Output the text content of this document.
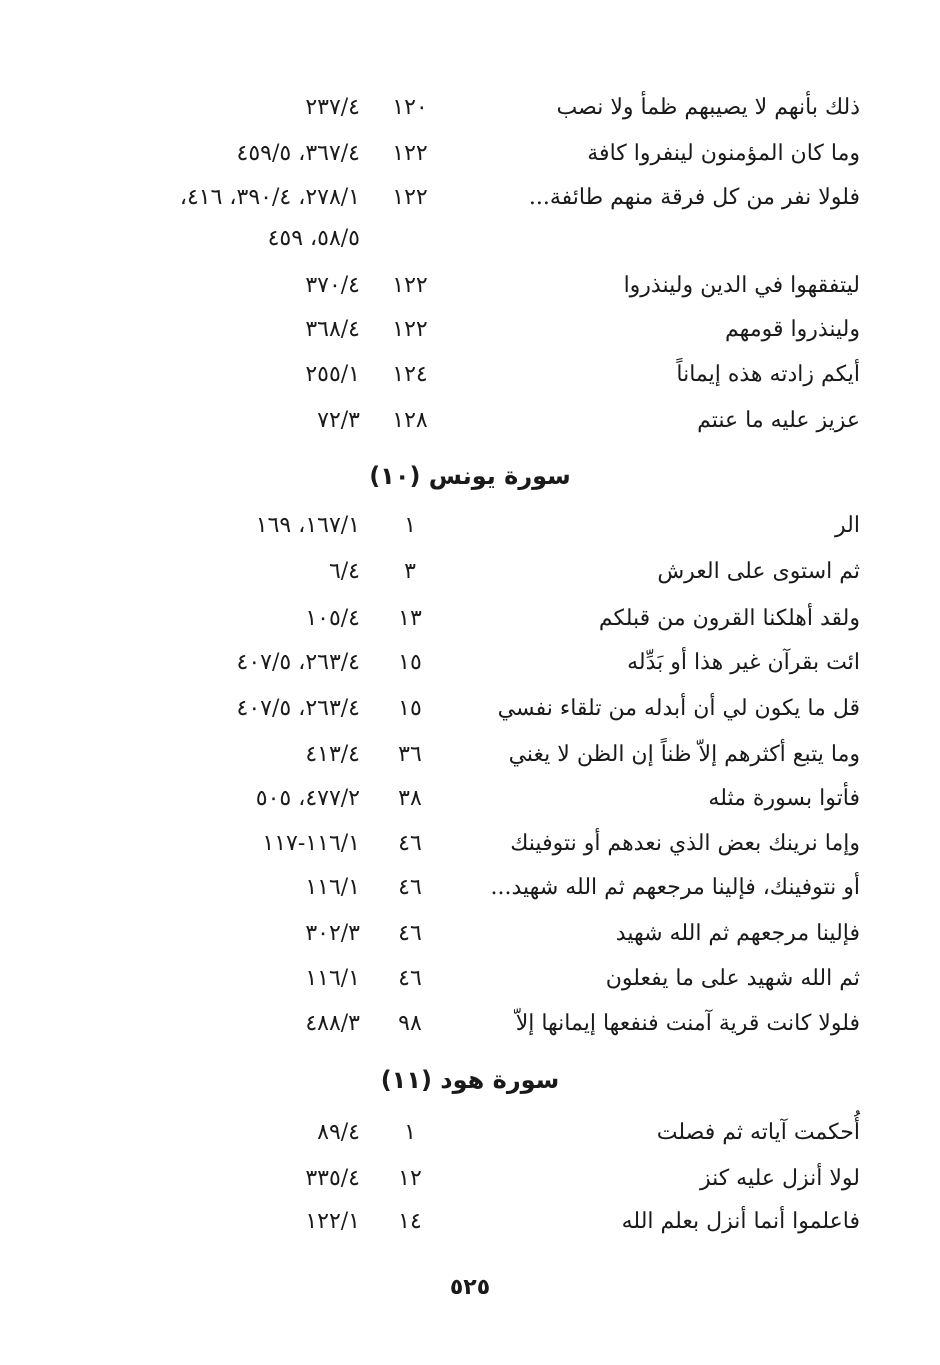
ذلك بأنهم لا يصيبهم ظمأ ولا نصب
١٢٠
٢٣٧/٤
وما كان المؤمنون لينفروا كافة
١٢٢
٣٦٧/٤، ٤٥٩/٥
فلولا نفر من كل فرقة منهم طائفة...
١٢٢
٢٧٨/١، ٣٩٠/٤، ٤١٦،
٥٨/٥، ٤٥٩
ليتفقهوا في الدين ولينذروا
١٢٢
٣٧٠/٤
ولينذروا قومهم
١٢٢
٣٦٨/٤
أيكم زادته هذه إيماناً
١٢٤
٢٥٥/١
عزيز عليه ما عنتم
١٢٨
٧٢/٣
سورة يونس (١٠)
الر
١
١٦٧/١، ١٦٩
ثم استوى على العرش
٣
٦/٤
ولقد أهلكنا القرون من قبلكم
١٣
١٠٥/٤
ائت بقرآن غير هذا أو بَدِّله
١٥
٢٦٣/٤، ٤٠٧/٥
قل ما يكون لي أن أبدله من تلقاء نفسي
١٥
٢٦٣/٤، ٤٠٧/٥
وما يتبع أكثرهم إلاّ ظناً إن الظن لا يغني
٣٦
٤١٣/٤
فأتوا بسورة مثله
٣٨
٤٧٧/٢، ٥٠٥
وإما نرينك بعض الذي نعدهم أو نتوفينك
٤٦
١١٦/١-١١٧
أو نتوفينك، فإلينا مرجعهم ثم الله شهيد...
٤٦
١١٦/١
فإلينا مرجعهم ثم الله شهيد
٤٦
٣٠٢/٣
ثم الله شهيد على ما يفعلون
٤٦
١١٦/١
فلولا كانت قرية آمنت فنفعها إيمانها إلاّ
٩٨
٤٨٨/٣
سورة هود (١١)
أُحكمت آياته ثم فصلت
١
٨٩/٤
لولا أنزل عليه كنز
١٢
٣٣٥/٤
فاعلموا أنما أنزل بعلم الله
١٤
١٢٢/١
٥٢٥
